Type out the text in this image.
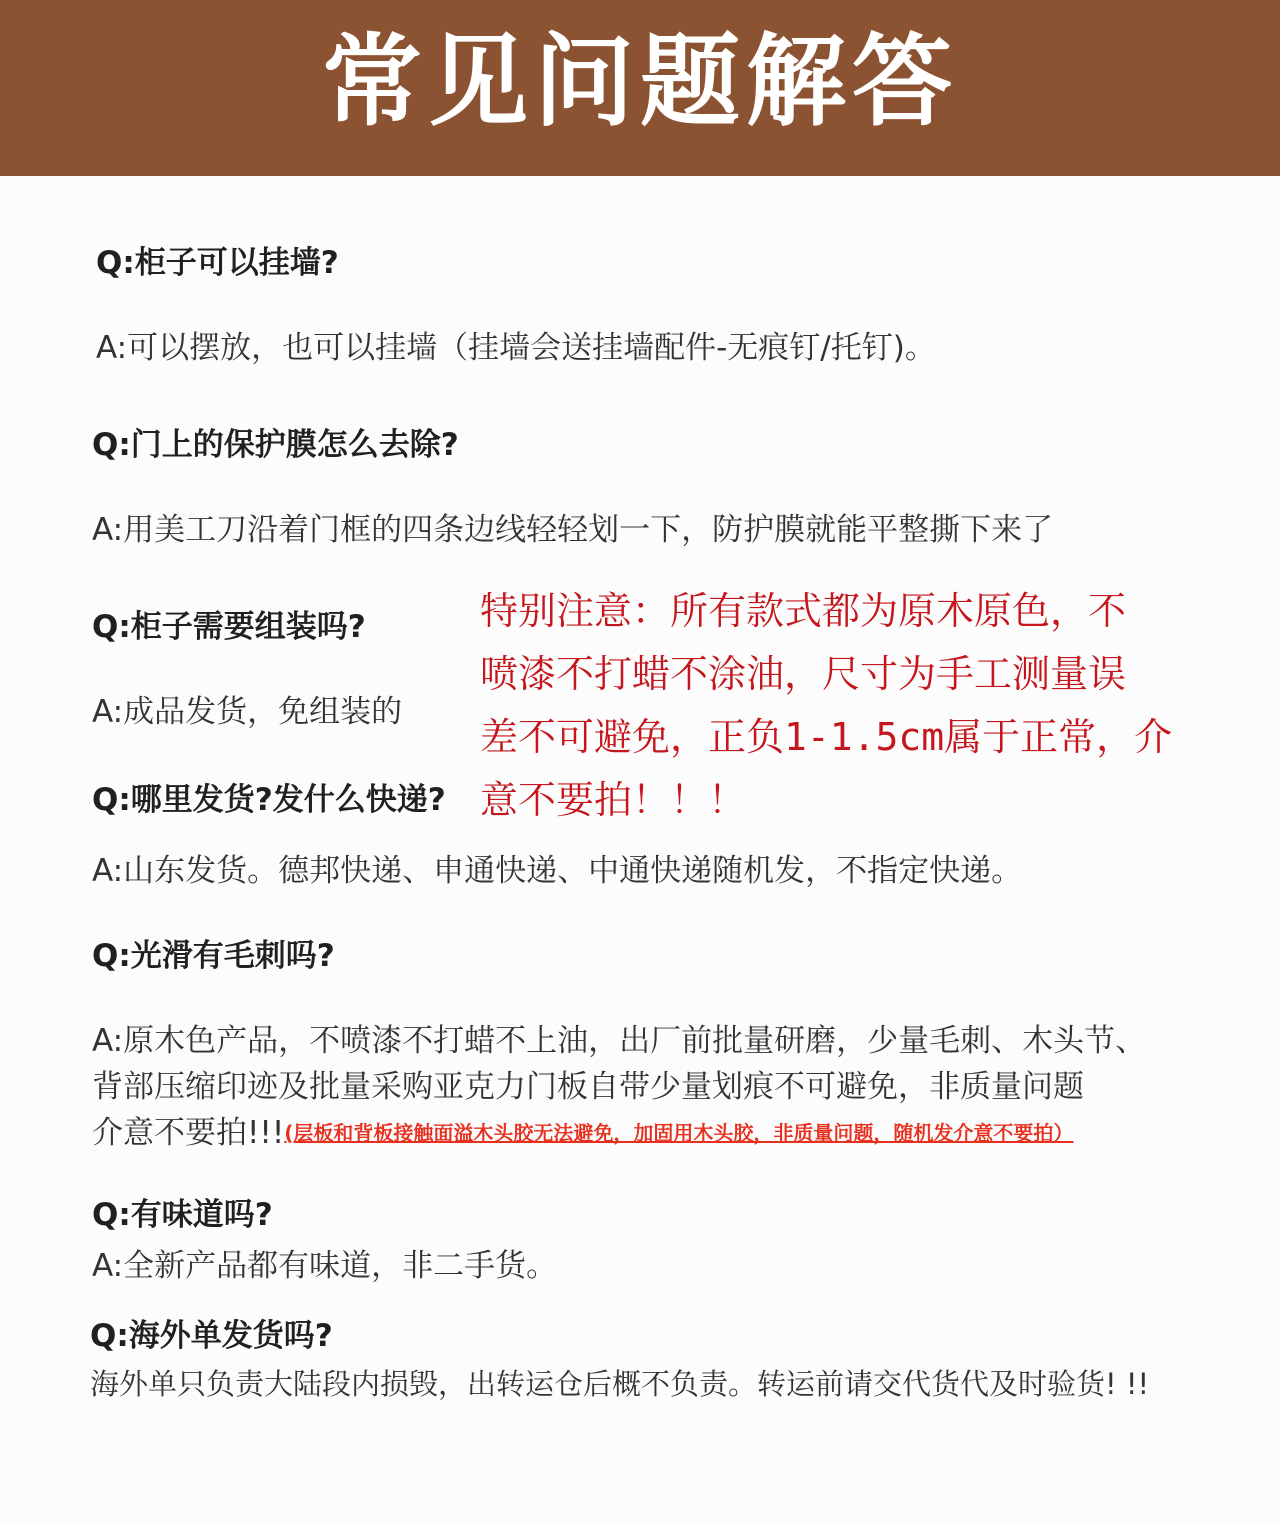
常见问题解答
Q:柜子可以挂墙?
A:可以摆放，也可以挂墙（挂墙会送挂墙配件-无痕钉/托钉)。
Q:门上的保护膜怎么去除?
A:用美工刀沿着门框的四条边线轻轻划一下，防护膜就能平整撕下来了
Q:柜子需要组装吗?
A:成品发货，免组装的
Q:哪里发货?发什么快递?
A:山东发货。德邦快递、申通快递、中通快递随机发，不指定快递。
Q:光滑有毛刺吗?
A:原木色产品，不喷漆不打蜡不上油，出厂前批量研磨，少量毛刺、木头节、
背部压缩印迹及批量采购亚克力门板自带少量划痕不可避免，非质量问题
介意不要拍!!!(层板和背板接触面溢木头胶无法避免，加固用木头胶，非质量问题，随机发介意不要拍）
Q:有味道吗?
A:全新产品都有味道，非二手货。
Q:海外单发货吗?
海外单只负责大陆段内损毁，出转运仓后概不负责。转运前请交代货代及时验货! !!
特别注意：所有款式都为原木原色，不
喷漆不打蜡不涂油，尺寸为手工测量误
差不可避免，正负1-1.5cm属于正常，介
意不要拍！！！
